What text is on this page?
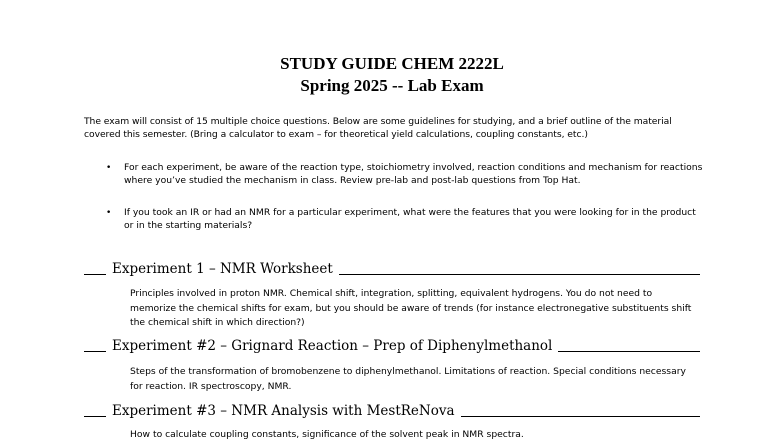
STUDY GUIDE CHEM 2222L
Spring 2025 -- Lab Exam
The exam will consist of 15 multiple choice questions. Below are some guidelines for studying, and a brief outline of the material covered this semester. (Bring a calculator to exam – for theoretical yield calculations, coupling constants, etc.)
• For each experiment, be aware of the reaction type, stoichiometry involved, reaction conditions and mechanism for reactions where you’ve studied the mechanism in class. Review pre-lab and post-lab questions from Top Hat.
• If you took an IR or had an NMR for a particular experiment, what were the features that you were looking for in the product or in the starting materials?
Experiment 1 – NMR Worksheet
Principles involved in proton NMR. Chemical shift, integration, splitting, equivalent hydrogens. You do not need to memorize the chemical shifts for exam, but you should be aware of trends (for instance electronegative substituents shift the chemical shift in which direction?)
Experiment #2 – Grignard Reaction – Prep of Diphenylmethanol
Steps of the transformation of bromobenzene to diphenylmethanol. Limitations of reaction. Special conditions necessary for reaction. IR spectroscopy, NMR.
Experiment #3 – NMR Analysis with MestReNova
How to calculate coupling constants, significance of the solvent peak in NMR spectra.
